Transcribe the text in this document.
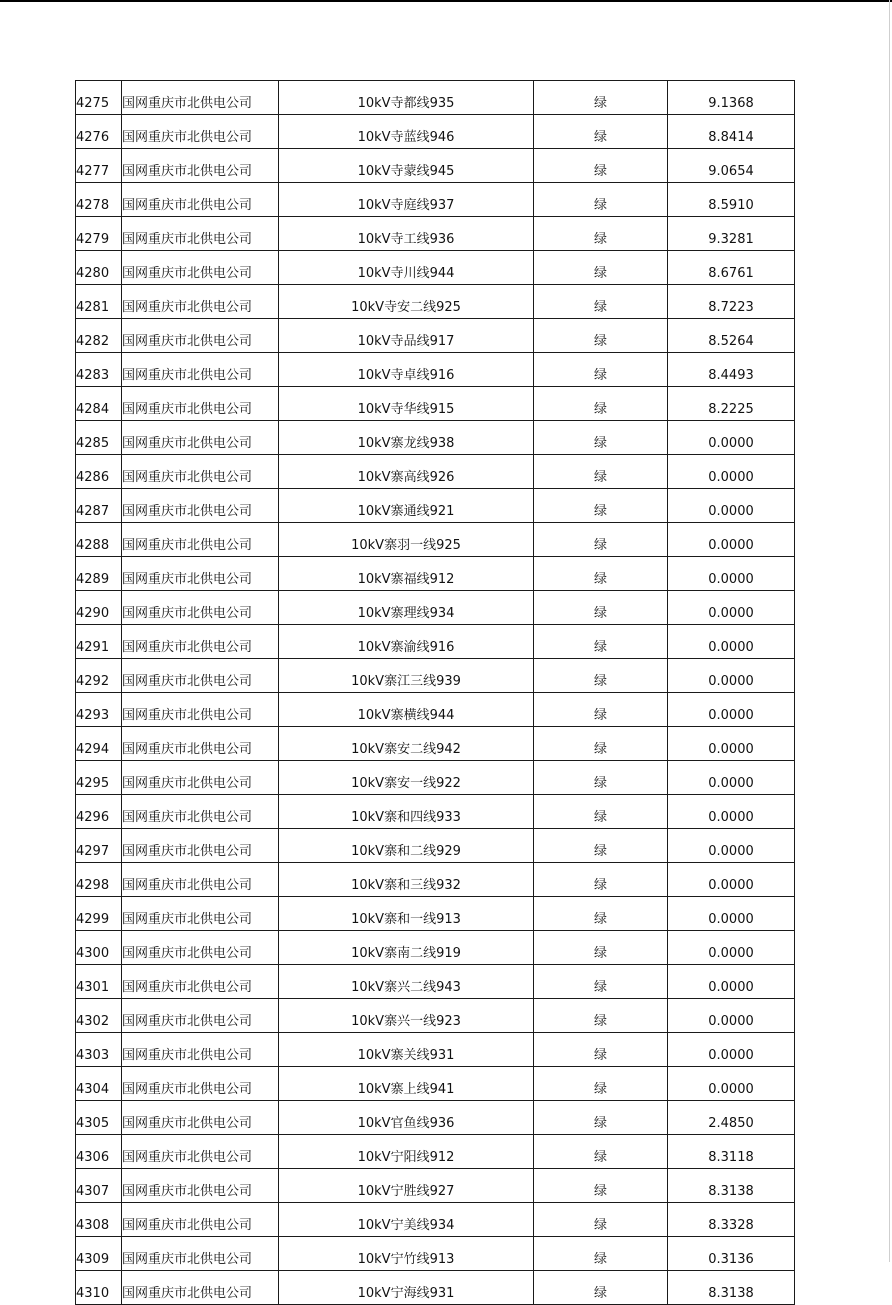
4275	国网重庆市北供电公司	10kV寺都线935	绿	9.1368
4276	国网重庆市北供电公司	10kV寺蓝线946	绿	8.8414
4277	国网重庆市北供电公司	10kV寺蒙线945	绿	9.0654
4278	国网重庆市北供电公司	10kV寺庭线937	绿	8.5910
4279	国网重庆市北供电公司	10kV寺工线936	绿	9.3281
4280	国网重庆市北供电公司	10kV寺川线944	绿	8.6761
4281	国网重庆市北供电公司	10kV寺安二线925	绿	8.7223
4282	国网重庆市北供电公司	10kV寺品线917	绿	8.5264
4283	国网重庆市北供电公司	10kV寺卓线916	绿	8.4493
4284	国网重庆市北供电公司	10kV寺华线915	绿	8.2225
4285	国网重庆市北供电公司	10kV寨龙线938	绿	0.0000
4286	国网重庆市北供电公司	10kV寨高线926	绿	0.0000
4287	国网重庆市北供电公司	10kV寨通线921	绿	0.0000
4288	国网重庆市北供电公司	10kV寨羽一线925	绿	0.0000
4289	国网重庆市北供电公司	10kV寨福线912	绿	0.0000
4290	国网重庆市北供电公司	10kV寨理线934	绿	0.0000
4291	国网重庆市北供电公司	10kV寨渝线916	绿	0.0000
4292	国网重庆市北供电公司	10kV寨江三线939	绿	0.0000
4293	国网重庆市北供电公司	10kV寨横线944	绿	0.0000
4294	国网重庆市北供电公司	10kV寨安二线942	绿	0.0000
4295	国网重庆市北供电公司	10kV寨安一线922	绿	0.0000
4296	国网重庆市北供电公司	10kV寨和四线933	绿	0.0000
4297	国网重庆市北供电公司	10kV寨和二线929	绿	0.0000
4298	国网重庆市北供电公司	10kV寨和三线932	绿	0.0000
4299	国网重庆市北供电公司	10kV寨和一线913	绿	0.0000
4300	国网重庆市北供电公司	10kV寨南二线919	绿	0.0000
4301	国网重庆市北供电公司	10kV寨兴二线943	绿	0.0000
4302	国网重庆市北供电公司	10kV寨兴一线923	绿	0.0000
4303	国网重庆市北供电公司	10kV寨关线931	绿	0.0000
4304	国网重庆市北供电公司	10kV寨上线941	绿	0.0000
4305	国网重庆市北供电公司	10kV官鱼线936	绿	2.4850
4306	国网重庆市北供电公司	10kV宁阳线912	绿	8.3118
4307	国网重庆市北供电公司	10kV宁胜线927	绿	8.3138
4308	国网重庆市北供电公司	10kV宁美线934	绿	8.3328
4309	国网重庆市北供电公司	10kV宁竹线913	绿	0.3136
4310	国网重庆市北供电公司	10kV宁海线931	绿	8.3138
